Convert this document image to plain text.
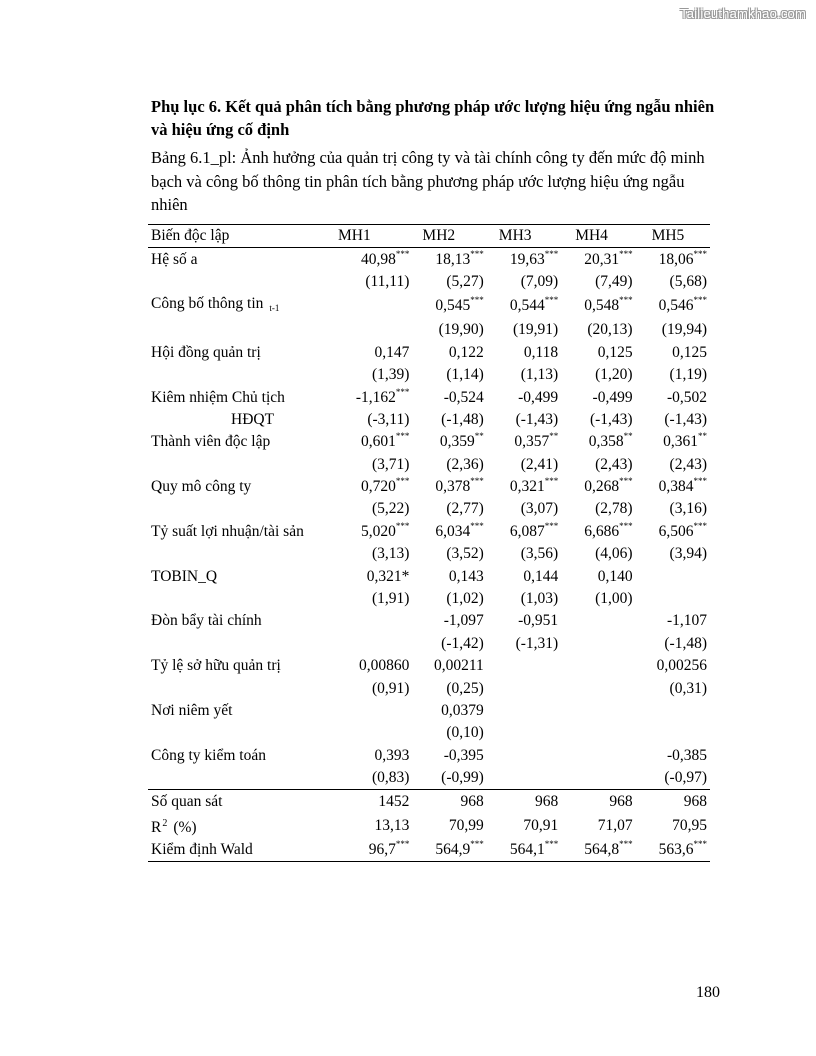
Tailieuthamkhao.com
Phụ lục 6. Kết quả phân tích bằng phương pháp ước lượng hiệu ứng ngẫu nhiên và hiệu ứng cố định
Bảng 6.1_pl: Ảnh hưởng của quản trị công ty và tài chính công ty đến mức độ minh bạch và công bố thông tin phân tích bằng phương pháp ước lượng hiệu ứng ngẫu nhiên
Biến độc lập	MH1	MH2	MH3	MH4	MH5
Hệ số a	40,98***	18,13***	19,63***	20,31***	18,06***
	(11,11)	(5,27)	(7,09)	(7,49)	(5,68)
Công bố thông tin $_{t-1}$		0,545***	0,544***	0,548***	0,546***
		(19,90)	(19,91)	(20,13)	(19,94)
Hội đồng quản trị	0,147	0,122	0,118	0,125	0,125
	(1,39)	(1,14)	(1,13)	(1,20)	(1,19)
Kiêm nhiệm Chủ tịch	-1,162***	-0,524	-0,499	-0,499	-0,502
HĐQT	(-3,11)	(-1,48)	(-1,43)	(-1,43)	(-1,43)
Thành viên độc lập	0,601***	0,359**	0,357**	0,358**	0,361**
	(3,71)	(2,36)	(2,41)	(2,43)	(2,43)
Quy mô công ty	0,720***	0,378***	0,321***	0,268***	0,384***
	(5,22)	(2,77)	(3,07)	(2,78)	(3,16)
Tỷ suất lợi nhuận/tài sản	5,020***	6,034***	6,087***	6,686***	6,506***
	(3,13)	(3,52)	(3,56)	(4,06)	(3,94)
TOBIN_Q	0,321*	0,143	0,144	0,140	
	(1,91)	(1,02)	(1,03)	(1,00)	
Đòn bẩy tài chính		-1,097	-0,951		-1,107
		(-1,42)	(-1,31)		(-1,48)
Tỷ lệ sở hữu quản trị	0,00860	0,00211			0,00256
	(0,91)	(0,25)			(0,31)
Nơi niêm yết		0,0379			
		(0,10)			
Công ty kiểm toán	0,393	-0,395			-0,385
	(0,83)	(-0,99)			(-0,97)
Số quan sát	1452	968	968	968	968
$R^2$ (%)	13,13	70,99	70,91	71,07	70,95
Kiểm định Wald	96,7***	564,9***	564,1***	564,8***	563,6***
180
